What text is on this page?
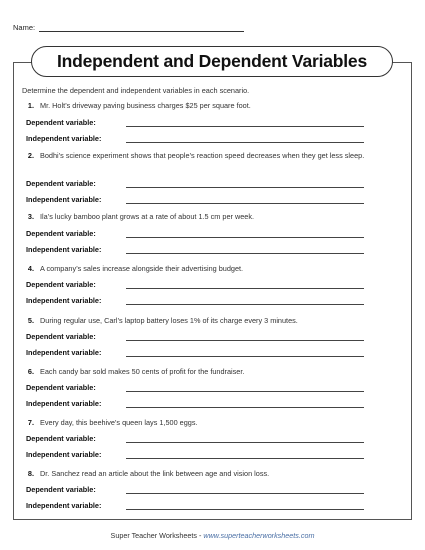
Name:
Independent and Dependent Variables
Determine the dependent and independent variables in each scenario.
1. Mr. Holt’s driveway paving business charges $25 per square foot.
Dependent variable:
Independent variable:
2. Bodhi’s science experiment shows that people’s reaction speed decreases when they get less sleep.
Dependent variable:
Independent variable:
3. Ila’s lucky bamboo plant grows at a rate of about 1.5 cm per week.
Dependent variable:
Independent variable:
4. A company’s sales increase alongside their advertising budget.
Dependent variable:
Independent variable:
5. During regular use, Carl’s laptop battery loses 1% of its charge every 3 minutes.
Dependent variable:
Independent variable:
6. Each candy bar sold makes 50 cents of profit for the fundraiser.
Dependent variable:
Independent variable:
7. Every day, this beehive’s queen lays 1,500 eggs.
Dependent variable:
Independent variable:
8. Dr. Sanchez read an article about the link between age and vision loss.
Dependent variable:
Independent variable:
Super Teacher Worksheets - www.superteacherworksheets.com
